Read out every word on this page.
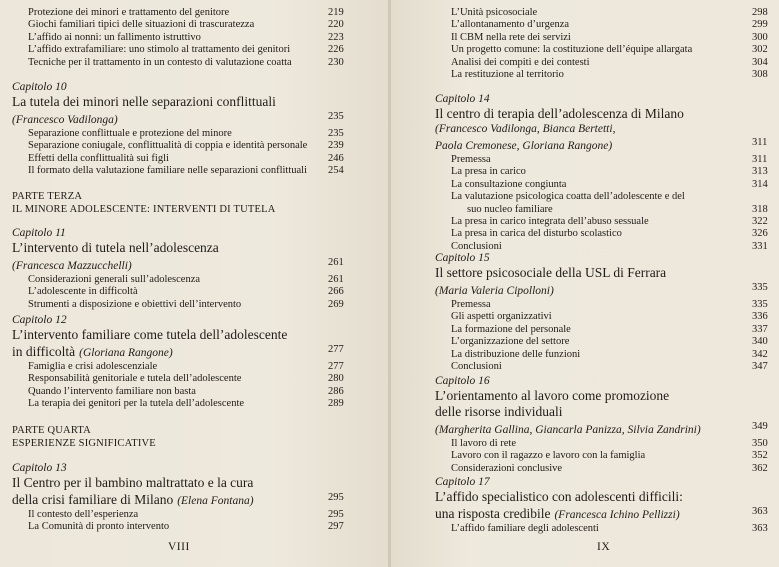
Protezione dei minori e trattamento del genitore	219
Giochi familiari tipici delle situazioni di trascuratezza	220
L’affido ai nonni: un fallimento istruttivo	223
L’affido extrafamiliare: uno stimolo al trattamento dei genitori	226
Tecniche per il trattamento in un contesto di valutazione coatta	230
Capitolo 10
La tutela dei minori nelle separazioni conflittuali
(Francesco Vadilonga)	235
Separazione conflittuale e protezione del minore	235
Separazione coniugale, conflittualità di coppia e identità personale 239
Effetti della conflittualità sui figli	246
Il formato della valutazione familiare nelle separazioni conflittuali 254
PARTE TERZA
IL MINORE ADOLESCENTE: INTERVENTI DI TUTELA
Capitolo 11
L’intervento di tutela nell’adolescenza
(Francesca Mazzucchelli)	261
Considerazioni generali sull’adolescenza	261
L’adolescente in difficoltà	266
Strumenti a disposizione e obiettivi dell’intervento	269
Capitolo 12
L’intervento familiare come tutela dell’adolescente
in difficoltà (Gloriana Rangone)	277
Famiglia e crisi adolescenziale	277
Responsabilità genitoriale e tutela dell’adolescente	280
Quando l’intervento familiare non basta	286
La terapia dei genitori per la tutela dell’adolescente	289
PARTE QUARTA
ESPERIENZE SIGNIFICATIVE
Capitolo 13
Il Centro per il bambino maltrattato e la cura
della crisi familiare di Milano (Elena Fontana)	295
Il contesto dell’esperienza	295
La Comunità di pronto intervento	297
VIII
L’Unità psicosociale	298
L’allontanamento d’urgenza	299
Il CBM nella rete dei servizi	300
Un progetto comune: la costituzione dell’équipe allargata	302
Analisi dei compiti e dei contesti	304
La restituzione al territorio	308
Capitolo 14
Il centro di terapia dell’adolescenza di Milano
(Francesco Vadilonga, Bianca Bertetti,
Paola Cremonese, Gloriana Rangone)	311
Premessa	311
La presa in carico	313
La consultazione congiunta	314
La valutazione psicologica coatta dell’adolescente e del
suo nucleo familiare	318
La presa in carico integrata dell’abuso sessuale	322
La presa in carica del disturbo scolastico	326
Conclusioni	331
Capitolo 15
Il settore psicosociale della USL di Ferrara
(Maria Valeria Cipolloni)	335
Premessa	335
Gli aspetti organizzativi	336
La formazione del personale	337
L’organizzazione del settore	340
La distribuzione delle funzioni	342
Conclusioni	347
Capitolo 16
L’orientamento al lavoro come promozione
delle risorse individuali
(Margherita Gallina, Giancarla Panizza, Silvia Zandrini)	349
Il lavoro di rete	350
Lavoro con il ragazzo e lavoro con la famiglia	352
Considerazioni conclusive	362
Capitolo 17
L’affido specialistico con adolescenti difficili:
una risposta credibile (Francesca Ichino Pellizzi)	363
L’affido familiare degli adolescenti	363
IX
